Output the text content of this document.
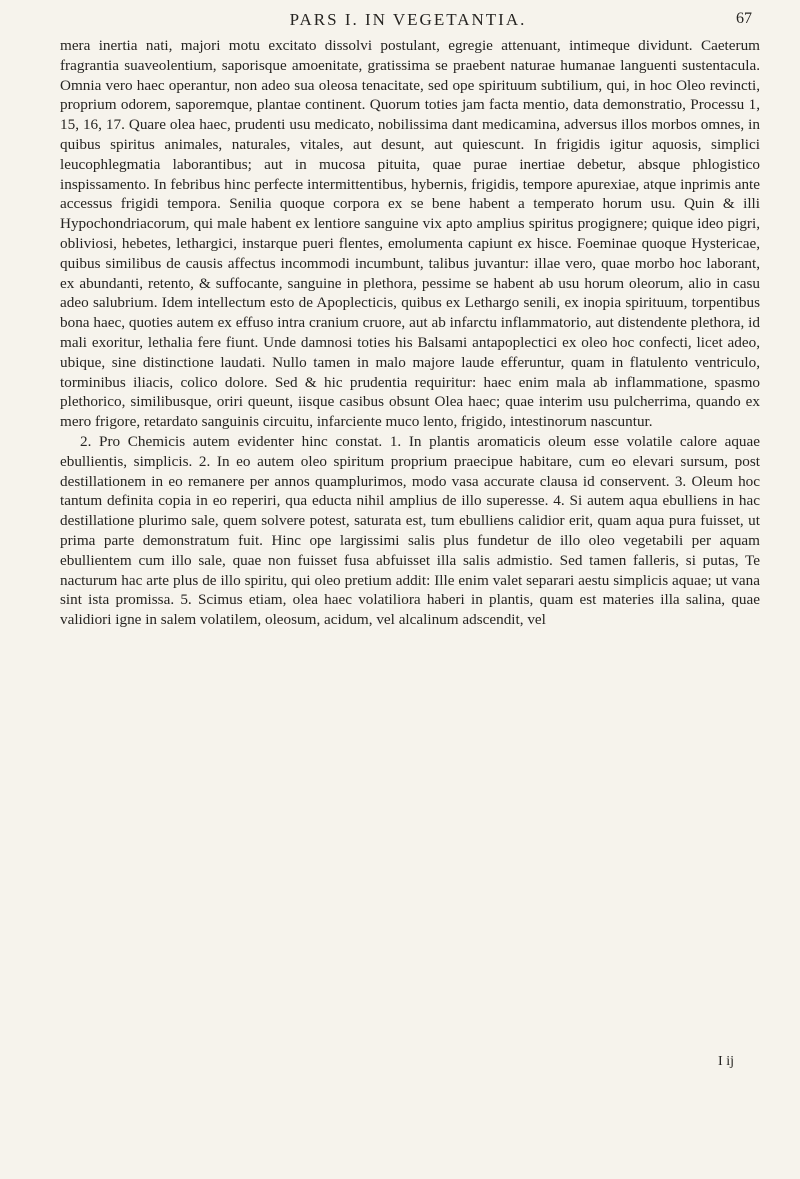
PARS I. IN VEGETANTIA.	67

mera inertia nati, majori motu excitato dissolvi postulant, egregie attenuant, intimeque dividunt. Caeterum fragrantia suaveolentium, saporisque amoenitate, gratissima se praebent naturae humanae languenti sustentacula. Omnia vero haec operantur, non adeo sua oleosa tenacitate, sed ope spirituum subtilium, qui, in hoc Oleo revincti, proprium odorem, saporemque, plantae continent. Quorum toties jam facta mentio, data demonstratio, Processu 1, 15, 16, 17. Quare olea haec, prudenti usu medicato, nobilissima dant medicamina, adversus illos morbos omnes, in quibus spiritus animales, naturales, vitales, aut desunt, aut quiescunt. In frigidis igitur aquosis, simplici leucophlegmatia laborantibus; aut in mucosa pituita, quae purae inertiae debetur, absque phlogistico inspissamento. In febribus hinc perfecte intermittentibus, hybernis, frigidis, tempore apurexiae, atque inprimis ante accessus frigidi tempora. Senilia quoque corpora ex se bene habent a temperato horum usu. Quin & illi Hypochondriacorum, qui male habent ex lentiore sanguine vix apto amplius spiritus progignere; quique ideo pigri, obliviosi, hebetes, lethargici, instarque pueri flentes, emolumenta capiunt ex hisce. Foeminae quoque Hystericae, quibus similibus de causis affectus incommodi incumbunt, talibus juvantur: illae vero, quae morbo hoc laborant, ex abundanti, retento, & suffocante, sanguine in plethora, pessime se habent ab usu horum oleorum, alio in casu adeo salubrium. Idem intellectum esto de Apoplecticis, quibus ex Lethargo senili, ex inopia spirituum, torpentibus bona haec, quoties autem ex effuso intra cranium cruore, aut ab infarctu inflammatorio, aut distendente plethora, id mali exoritur, lethalia fere fiunt. Unde damnosi toties his Balsami antapoplectici ex oleo hoc confecti, licet adeo, ubique, sine distinctione laudati. Nullo tamen in malo majore laude efferuntur, quam in flatulento ventriculo, torminibus iliacis, colico dolore. Sed & hic prudentia requiritur: haec enim mala ab inflammatione, spasmo plethorico, similibusque, oriri queunt, iisque casibus obsunt Olea haec; quae interim usu pulcherrima, quando ex mero frigore, retardato sanguinis circuitu, infarciente muco lento, frigido, intestinorum nascuntur.

2. Pro Chemicis autem evidenter hinc constat. 1. In plantis aromaticis oleum esse volatile calore aquae ebullientis, simplicis. 2. In eo autem oleo spiritum proprium praecipue habitare, cum eo elevari sursum, post destillationem in eo remanere per annos quamplurimos, modo vasa accurate clausa id conservent. 3. Oleum hoc tantum definita copia in eo reperiri, qua educta nihil amplius de illo superesse. 4. Si autem aqua ebulliens in hac destillatione plurimo sale, quem solvere potest, saturata est, tum ebulliens calidior erit, quam aqua pura fuisset, ut prima parte demonstratum fuit. Hinc ope largissimi salis plus fundetur de illo oleo vegetabili per aquam ebullientem cum illo sale, quae non fuisset fusa abfuisset illa salis admistio. Sed tamen falleris, si putas, Te nacturum hac arte plus de illo spiritu, qui oleo pretium addit: Ille enim valet separari aestu simplicis aquae; ut vana sint ista promissa. 5. Scimus etiam, olea haec volatiliora haberi in plantis, quam est materies illa salina, quae validiori igne in salem volatilem, oleosum, acidum, vel alcalinum adscendit, vel

I ij
